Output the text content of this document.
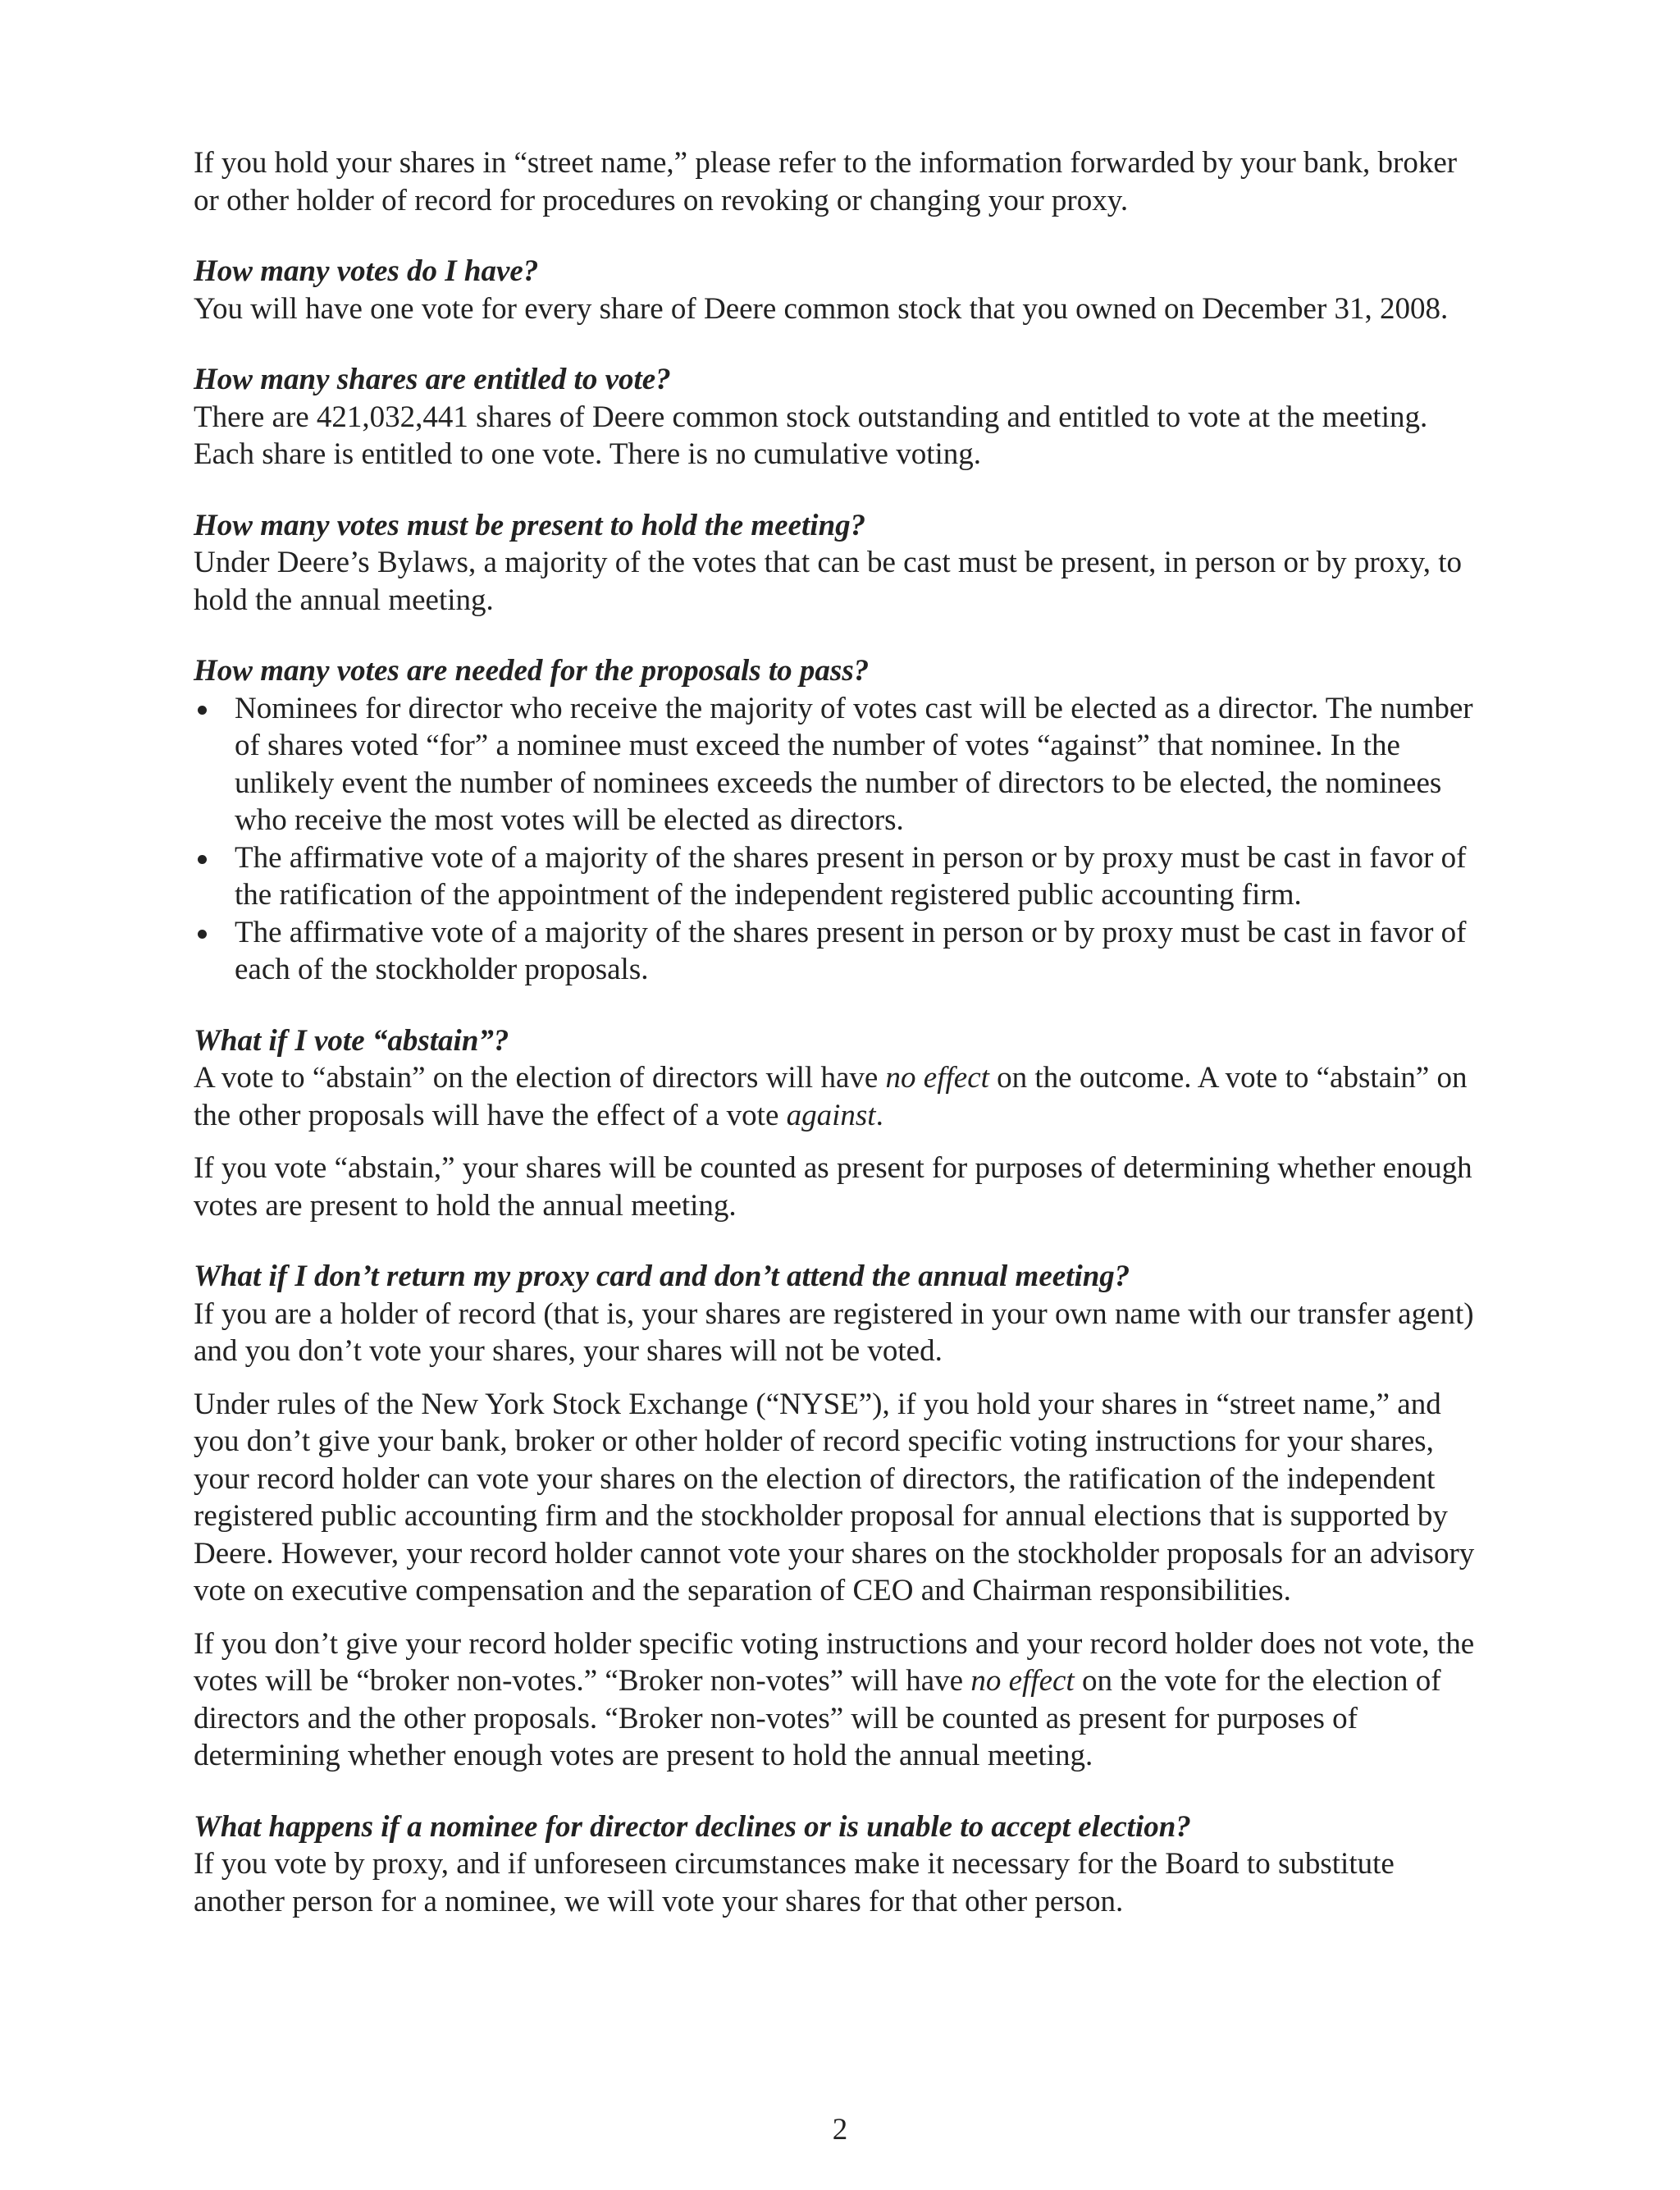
If you hold your shares in “street name,” please refer to the information forwarded by your bank, broker or other holder of record for procedures on revoking or changing your proxy.

How many votes do I have?

You will have one vote for every share of Deere common stock that you owned on December 31, 2008.

How many shares are entitled to vote?

There are 421,032,441 shares of Deere common stock outstanding and entitled to vote at the meeting. Each share is entitled to one vote. There is no cumulative voting.

How many votes must be present to hold the meeting?

Under Deere’s Bylaws, a majority of the votes that can be cast must be present, in person or by proxy, to hold the annual meeting.

How many votes are needed for the proposals to pass?

Nominees for director who receive the majority of votes cast will be elected as a director. The number of shares voted “for” a nominee must exceed the number of votes “against” that nominee. In the unlikely event the number of nominees exceeds the number of directors to be elected, the nominees who receive the most votes will be elected as directors.
The affirmative vote of a majority of the shares present in person or by proxy must be cast in favor of the ratification of the appointment of the independent registered public accounting firm.
The affirmative vote of a majority of the shares present in person or by proxy must be cast in favor of each of the stockholder proposals.

What if I vote “abstain”?

A vote to “abstain” on the election of directors will have no effect on the outcome. A vote to “abstain” on the other proposals will have the effect of a vote against.

If you vote “abstain,” your shares will be counted as present for purposes of determining whether enough votes are present to hold the annual meeting.

What if I don’t return my proxy card and don’t attend the annual meeting?

If you are a holder of record (that is, your shares are registered in your own name with our transfer agent) and you don’t vote your shares, your shares will not be voted.

Under rules of the New York Stock Exchange (“NYSE”), if you hold your shares in “street name,” and you don’t give your bank, broker or other holder of record specific voting instructions for your shares, your record holder can vote your shares on the election of directors, the ratification of the independent registered public accounting firm and the stockholder proposal for annual elections that is supported by Deere. However, your record holder cannot vote your shares on the stockholder proposals for an advisory vote on executive compensation and the separation of CEO and Chairman responsibilities.

If you don’t give your record holder specific voting instructions and your record holder does not vote, the votes will be “broker non-votes.” “Broker non-votes” will have no effect on the vote for the election of directors and the other proposals. “Broker non-votes” will be counted as present for purposes of determining whether enough votes are present to hold the annual meeting.

What happens if a nominee for director declines or is unable to accept election?

If you vote by proxy, and if unforeseen circumstances make it necessary for the Board to substitute another person for a nominee, we will vote your shares for that other person.

2
